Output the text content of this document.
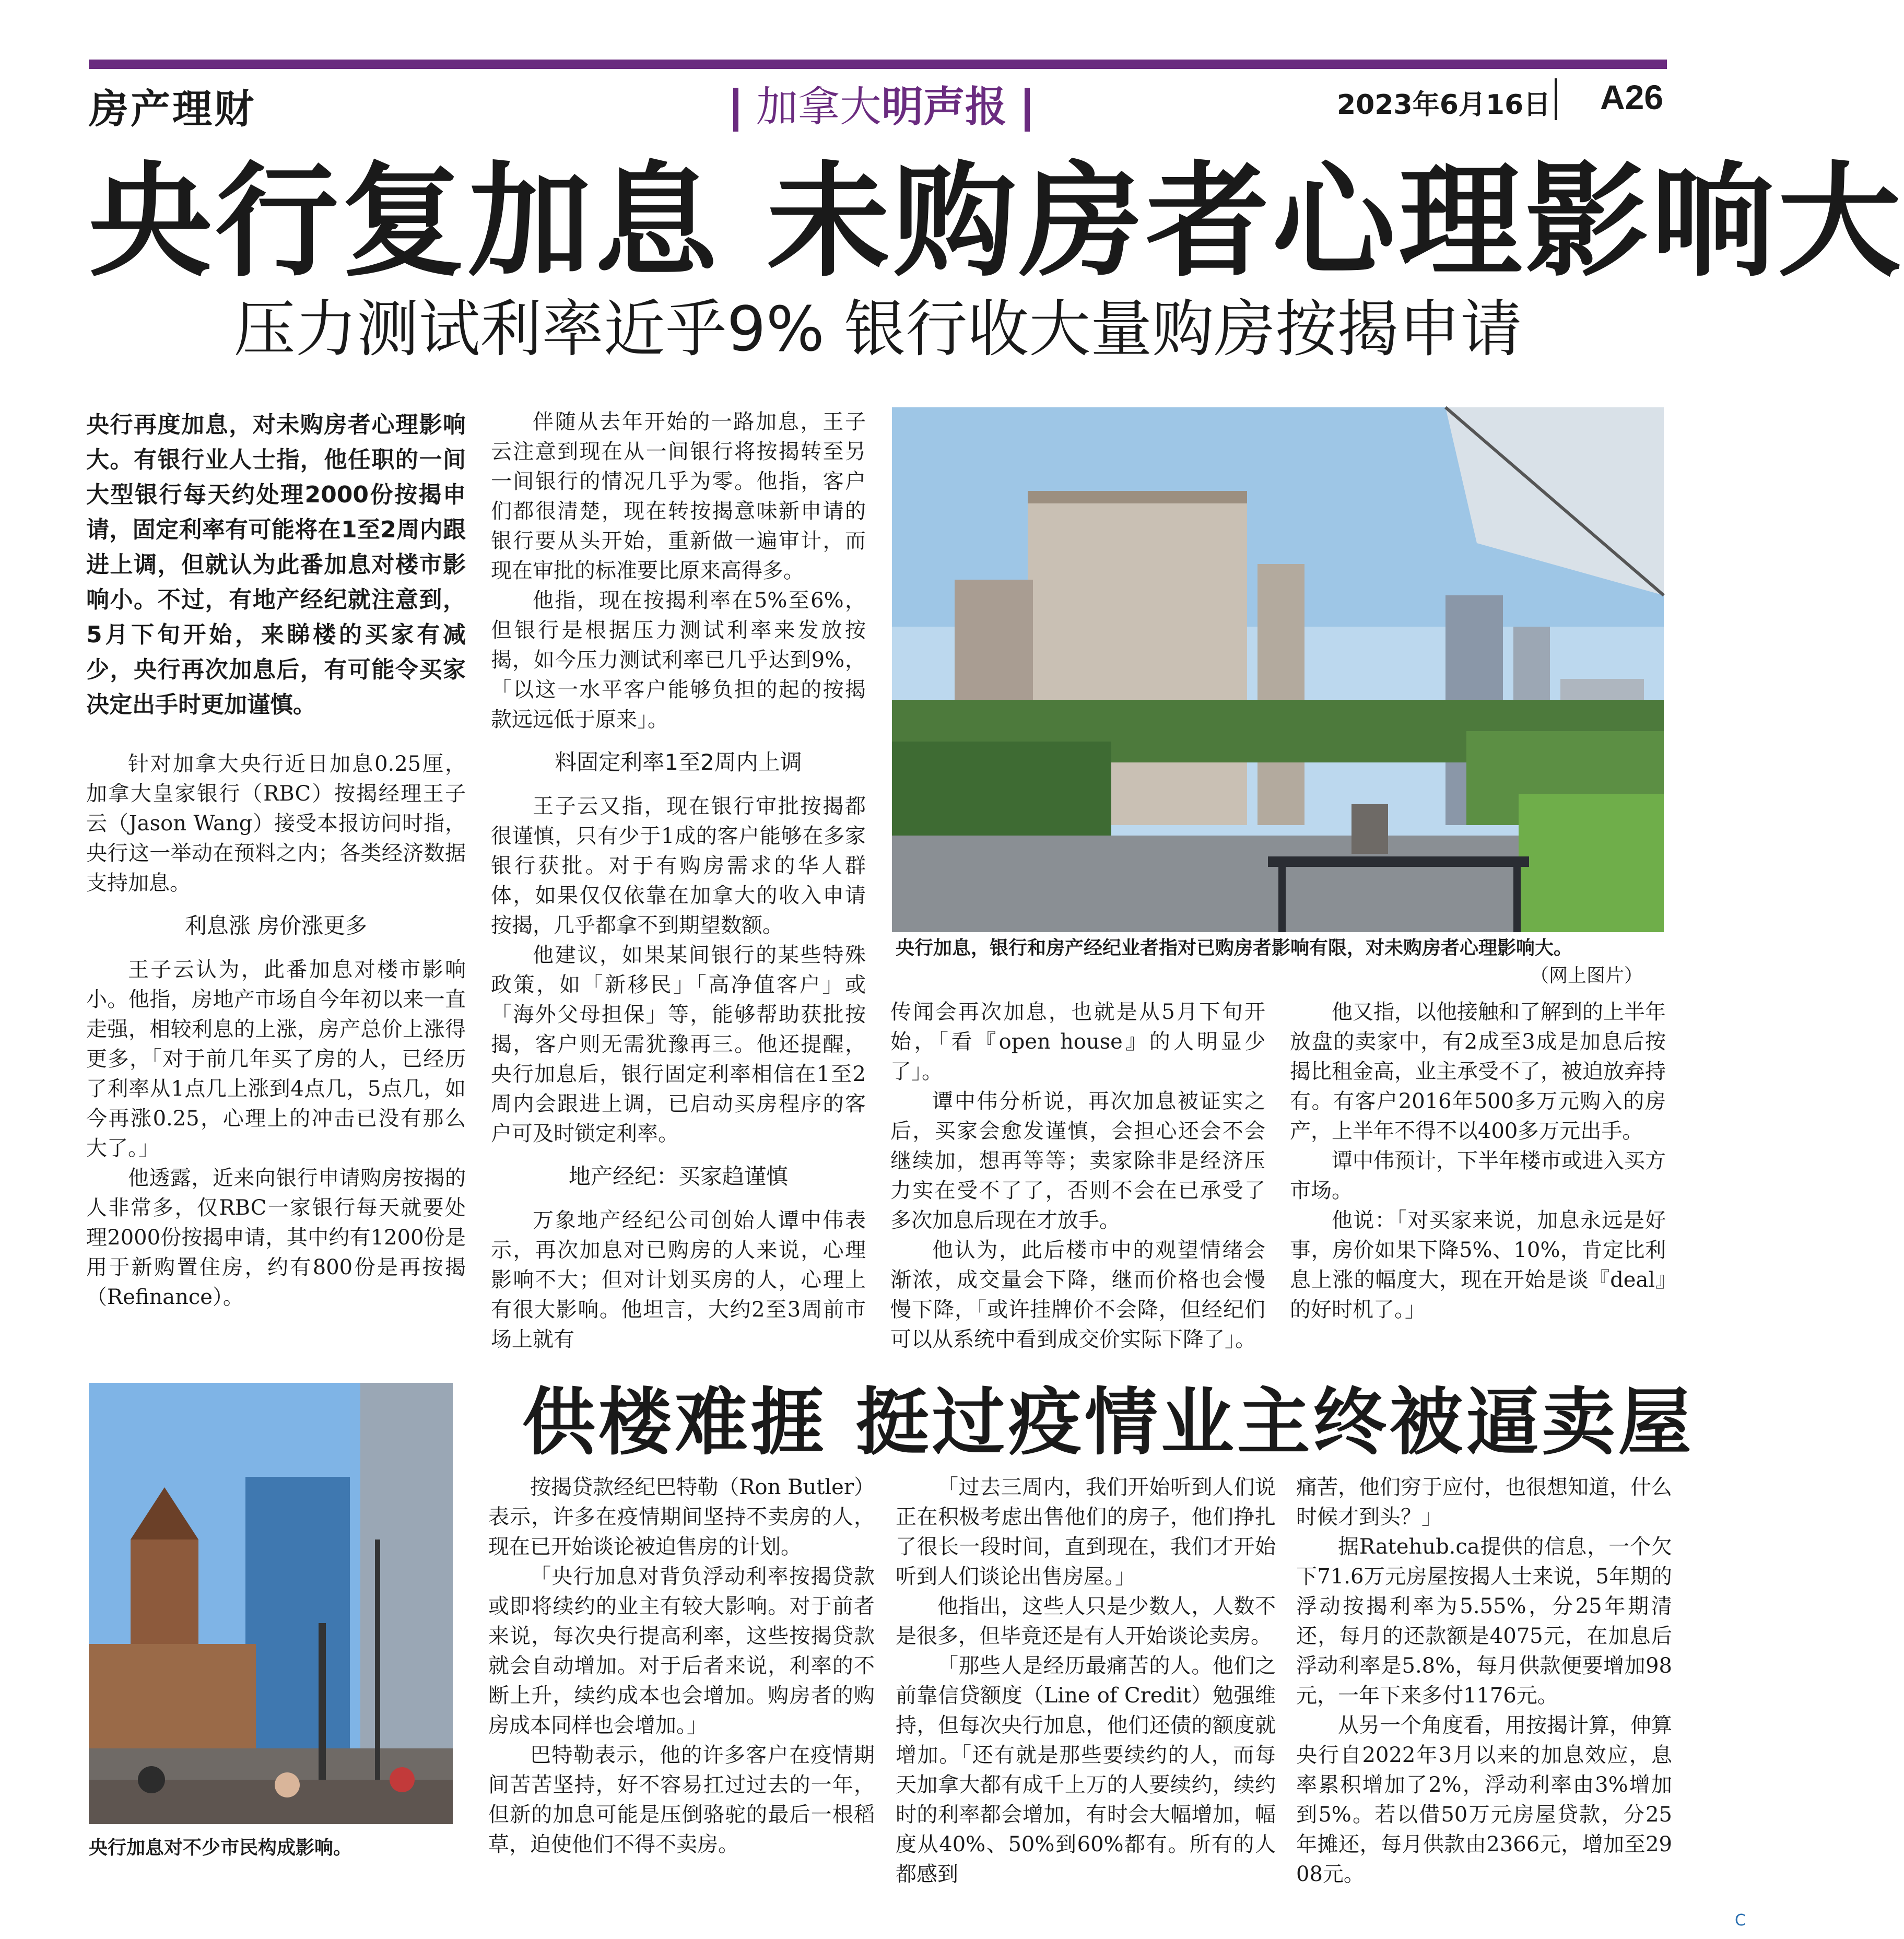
房产理财	加拿大明声报	2023年6月16日 A26
央行复加息 未购房者心理影响大
压力测试利率近乎9% 银行收大量购房按揭申请

央行再度加息，对未购房者心理影响大。有银行业人士指，他任职的一间大型银行每天约处理2000份按揭申请，固定利率有可能将在1至2周内跟进上调，但就认为此番加息对楼市影响小。不过，有地产经纪就注意到，5月下旬开始，来睇楼的买家有减少，央行再次加息后，有可能令买家决定出手时更加谨慎。

针对加拿大央行近日加息0.25厘，加拿大皇家银行（RBC）按揭经理王子云（Jason Wang）接受本报访问时指，央行这一举动在预料之内；各类经济数据支持加息。

利息涨 房价涨更多

王子云认为，此番加息对楼市影响小。他指，房地产市场自今年初以来一直走强，相较利息的上涨，房产总价上涨得更多，「对于前几年买了房的人，已经历了利率从1点几上涨到4点几，5点几，如今再涨0.25，心理上的冲击已没有那么大了。」

他透露，近来向银行申请购房按揭的人非常多，仅RBC一家银行每天就要处理2000份按揭申请，其中约有1200份是用于新购置住房，约有800份是再按揭（Refinance）。

伴随从去年开始的一路加息，王子云注意到现在从一间银行将按揭转至另一间银行的情况几乎为零。他指，客户们都很清楚，现在转按揭意味新申请的银行要从头开始，重新做一遍审计，而现在审批的标准要比原来高得多。

他指，现在按揭利率在5%至6%，但银行是根据压力测试利率来发放按揭，如今压力测试利率已几乎达到9%，「以这一水平客户能够负担的起的按揭款远远低于原来」。

料固定利率1至2周内上调

王子云又指，现在银行审批按揭都很谨慎，只有少于1成的客户能够在多家银行获批。对于有购房需求的华人群体，如果仅仅依靠在加拿大的收入申请按揭，几乎都拿不到期望数额。

他建议，如果某间银行的某些特殊政策，如「新移民」「高净值客户」或「海外父母担保」等，能够帮助获批按揭，客户则无需犹豫再三。他还提醒，央行加息后，银行固定利率相信在1至2周内会跟进上调，已启动买房程序的客户可及时锁定利率。

地产经纪：买家趋谨慎

万象地产经纪公司创始人谭中伟表示，再次加息对已购房的人来说，心理影响不大；但对计划买房的人，心理上有很大影响。他坦言，大约2至3周前市场上就有

央行加息，银行和房产经纪业者指对已购房者影响有限，对未购房者心理影响大。
（网上图片）

传闻会再次加息，也就是从5月下旬开始，「看『open house』的人明显少了」。

谭中伟分析说，再次加息被证实之后，买家会愈发谨慎，会担心还会不会继续加，想再等等；卖家除非是经济压力实在受不了了，否则不会在已承受了多次加息后现在才放手。

他认为，此后楼市中的观望情绪会渐浓，成交量会下降，继而价格也会慢慢下降，「或许挂牌价不会降，但经纪们可以从系统中看到成交价实际下降了」。

他又指，以他接触和了解到的上半年放盘的卖家中，有2成至3成是加息后按揭比租金高，业主承受不了，被迫放弃持有。有客户2016年500多万元购入的房产，上半年不得不以400多万元出手。

谭中伟预计，下半年楼市或进入买方市场。

他说：「对买家来说，加息永远是好事，房价如果下降5%、10%，肯定比利息上涨的幅度大，现在开始是谈『deal』的好时机了。」

央行加息对不少市民构成影响。
供楼难捱 挺过疫情业主终被逼卖屋

按揭贷款经纪巴特勒（Ron Butler）表示，许多在疫情期间坚持不卖房的人，现在已开始谈论被迫售房的计划。

「央行加息对背负浮动利率按揭贷款或即将续约的业主有较大影响。对于前者来说，每次央行提高利率，这些按揭贷款就会自动增加。对于后者来说，利率的不断上升，续约成本也会增加。购房者的购房成本同样也会增加。」

巴特勒表示，他的许多客户在疫情期间苦苦坚持，好不容易扛过过去的一年，但新的加息可能是压倒骆驼的最后一根稻草，迫使他们不得不卖房。

「过去三周内，我们开始听到人们说正在积极考虑出售他们的房子，他们挣扎了很长一段时间，直到现在，我们才开始听到人们谈论出售房屋。」

他指出，这些人只是少数人，人数不是很多，但毕竟还是有人开始谈论卖房。

「那些人是经历最痛苦的人。他们之前靠信贷额度（Line of Credit）勉强维持，但每次央行加息，他们还债的额度就增加。「还有就是那些要续约的人，而每天加拿大都有成千上万的人要续约，续约时的利率都会增加，有时会大幅增加，幅度从40%、50%到60%都有。所有的人都感到

痛苦，他们穷于应付，也很想知道，什么时候才到头？」

据Ratehub.ca提供的信息，一个欠下71.6万元房屋按揭人士来说，5年期的浮动按揭利率为5.55%，分25年期清还，每月的还款额是4075元，在加息后浮动利率是5.8%，每月供款便要增加98元，一年下来多付1176元。

从另一个角度看，用按揭计算，伸算央行自2022年3月以来的加息效应，息率累积增加了2%，浮动利率由3%增加到5%。若以借50万元房屋贷款，分25年摊还，每月供款由2366元，增加至2908元。

C
